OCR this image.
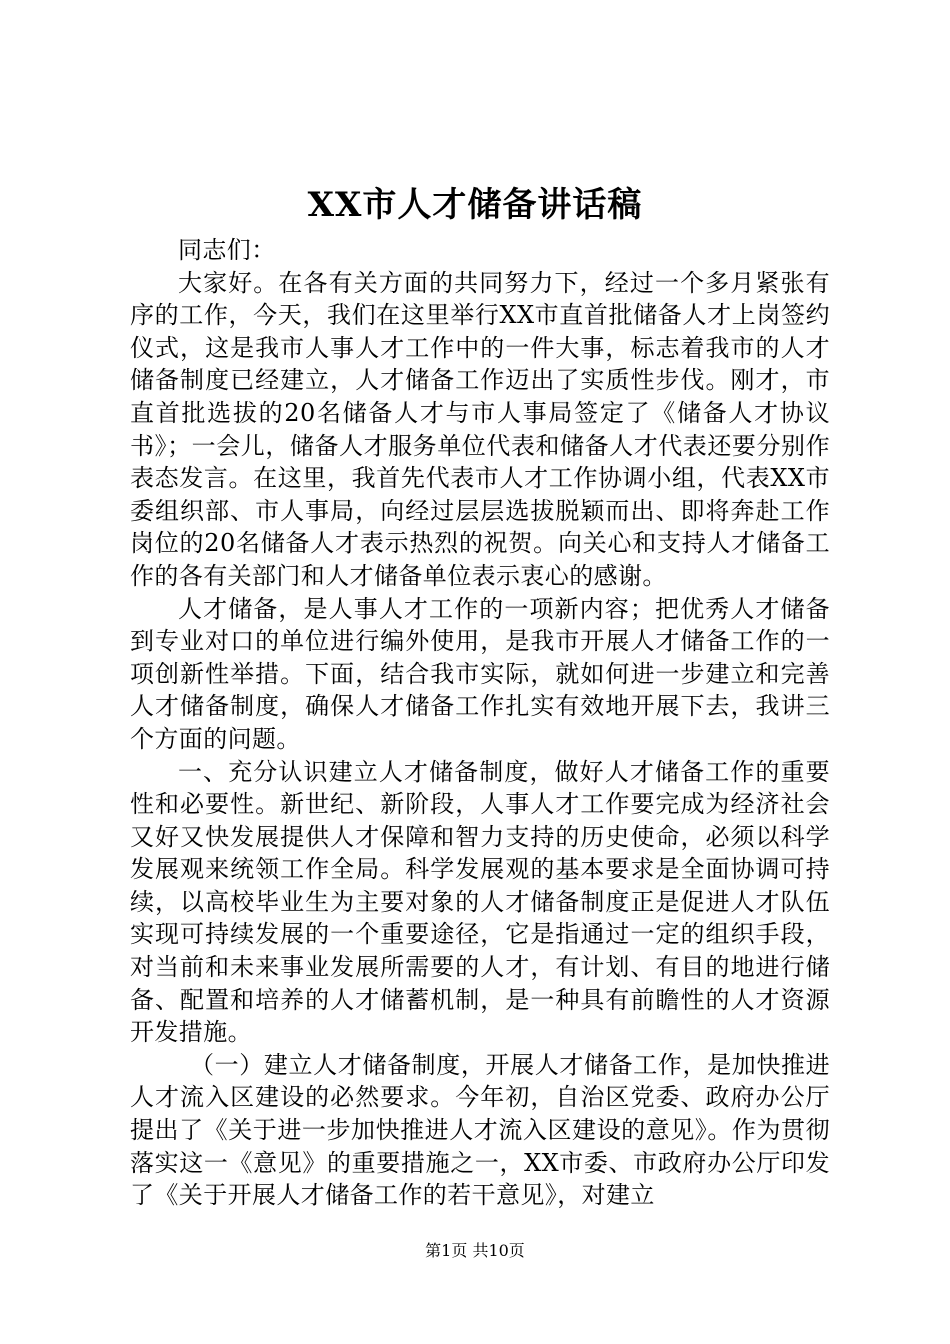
XX市人才储备讲话稿

同志们：

大家好。在各有关方面的共同努力下，经过一个多月紧张有序的工作，今天，我们在这里举行XX市直首批储备人才上岗签约仪式，这是我市人事人才工作中的一件大事，标志着我市的人才储备制度已经建立，人才储备工作迈出了实质性步伐。刚才，市直首批选拔的20名储备人才与市人事局签定了《储备人才协议书》；一会儿，储备人才服务单位代表和储备人才代表还要分别作表态发言。在这里，我首先代表市人才工作协调小组，代表XX市委组织部、市人事局，向经过层层选拔脱颖而出、即将奔赴工作岗位的20名储备人才表示热烈的祝贺。向关心和支持人才储备工作的各有关部门和人才储备单位表示衷心的感谢。

人才储备，是人事人才工作的一项新内容；把优秀人才储备到专业对口的单位进行编外使用，是我市开展人才储备工作的一项创新性举措。下面，结合我市实际，就如何进一步建立和完善人才储备制度，确保人才储备工作扎实有效地开展下去，我讲三个方面的问题。

一、充分认识建立人才储备制度，做好人才储备工作的重要性和必要性。新世纪、新阶段，人事人才工作要完成为经济社会又好又快发展提供人才保障和智力支持的历史使命，必须以科学发展观来统领工作全局。科学发展观的基本要求是全面协调可持续，以高校毕业生为主要对象的人才储备制度正是促进人才队伍实现可持续发展的一个重要途径，它是指通过一定的组织手段，对当前和未来事业发展所需要的人才，有计划、有目的地进行储备、配置和培养的人才储蓄机制，是一种具有前瞻性的人才资源开发措施。

（一）建立人才储备制度，开展人才储备工作，是加快推进人才流入区建设的必然要求。今年初，自治区党委、政府办公厅提出了《关于进一步加快推进人才流入区建设的意见》。作为贯彻落实这一《意见》的重要措施之一，XX市委、市政府办公厅印发了《关于开展人才储备工作的若干意见》，对建立

第1页 共10页
